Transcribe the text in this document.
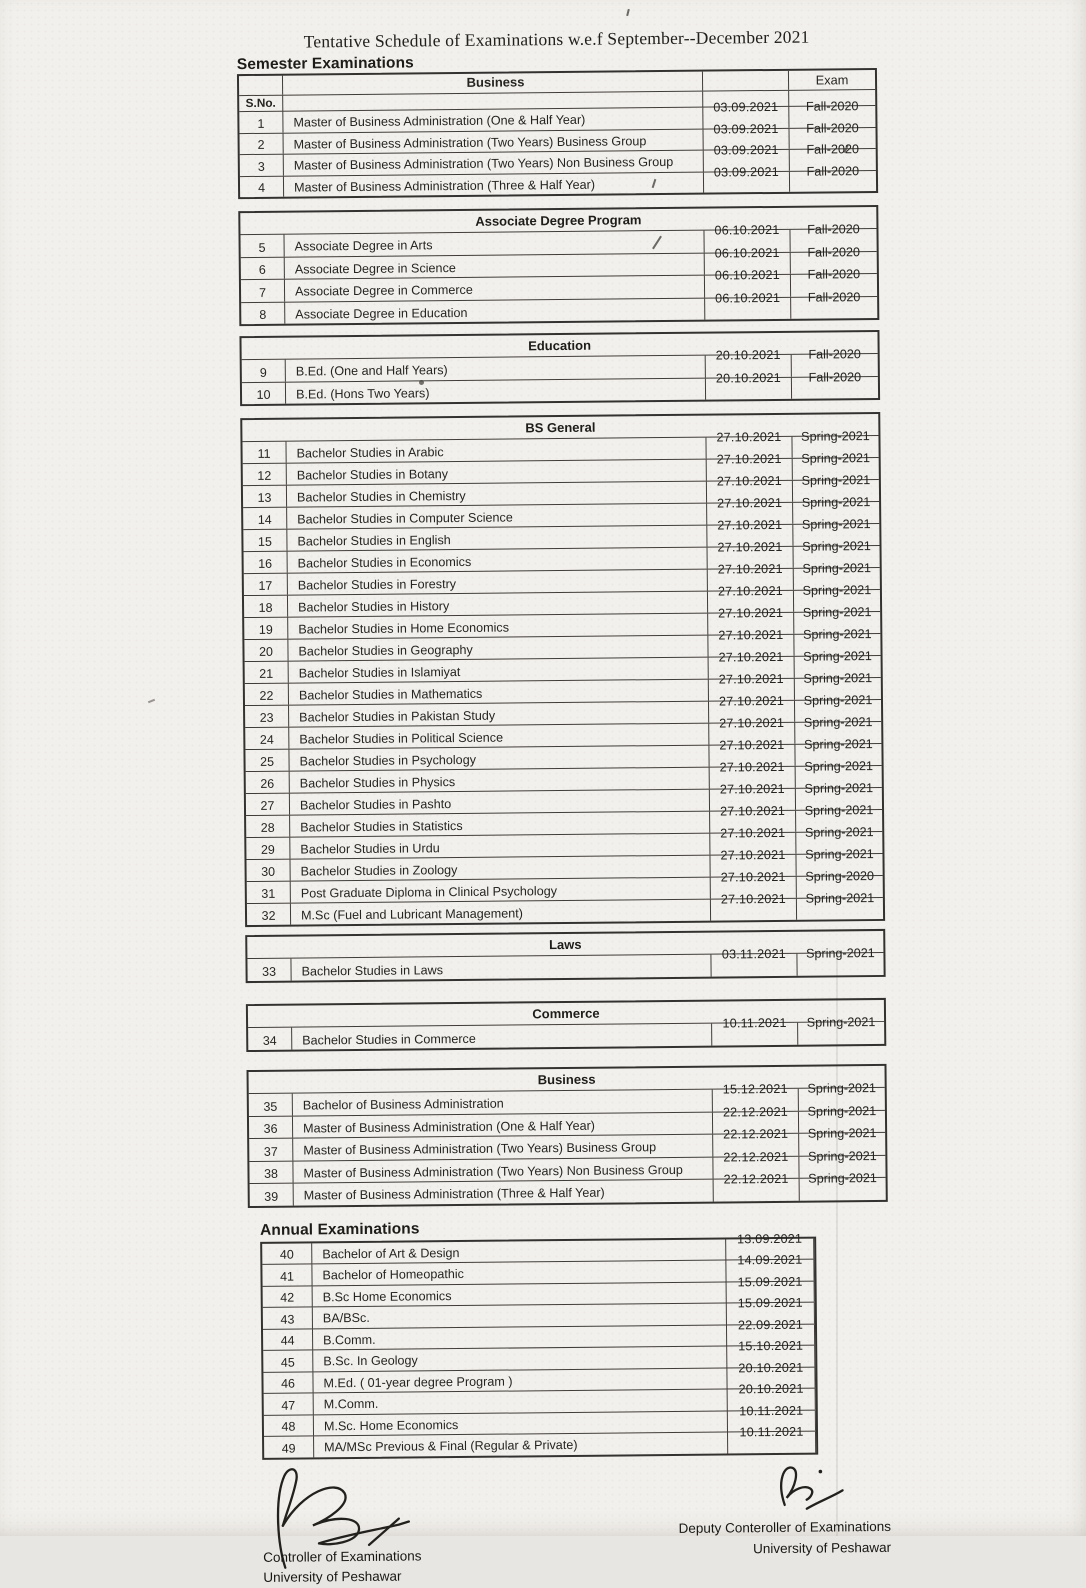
Tentative Schedule of Examinations w.e.f September--December 2021
Semester Examinations
Business	Exam
S.No.
1 Master of Business Administration (One & Half Year)
03.09.2021 Fall-2020
2 Master of Business Administration (Two Years) Business Group
03.09.2021 Fall-2020
3 Master of Business Administration (Two Years) Non Business Group
03.09.2021 Fall-2020
4 Master of Business Administration (Three & Half Year)
03.09.2021 Fall-2020
Associate Degree Program
5 Associate Degree in Arts
06.10.2021 Fall-2020
6 Associate Degree in Science
06.10.2021 Fall-2020
7 Associate Degree in Commerce
06.10.2021 Fall-2020
8 Associate Degree in Education
06.10.2021 Fall-2020
Education
9 B.Ed. (One and Half Years)
20.10.2021 Fall-2020
10 B.Ed. (Hons Two Years)
20.10.2021 Fall-2020
BS General
11 Bachelor Studies in Arabic
27.10.2021 Spring-2021
12 Bachelor Studies in Botany
27.10.2021 Spring-2021
13 Bachelor Studies in Chemistry
27.10.2021 Spring-2021
14 Bachelor Studies in Computer Science
27.10.2021 Spring-2021
15 Bachelor Studies in English
27.10.2021 Spring-2021
16 Bachelor Studies in Economics
27.10.2021 Spring-2021
17 Bachelor Studies in Forestry
27.10.2021 Spring-2021
18 Bachelor Studies in History
27.10.2021 Spring-2021
19 Bachelor Studies in Home Economics
27.10.2021 Spring-2021
20 Bachelor Studies in Geography
27.10.2021 Spring-2021
21 Bachelor Studies in Islamiyat
27.10.2021 Spring-2021
22 Bachelor Studies in Mathematics
27.10.2021 Spring-2021
23 Bachelor Studies in Pakistan Study
27.10.2021 Spring-2021
24 Bachelor Studies in Political Science
27.10.2021 Spring-2021
25 Bachelor Studies in Psychology
27.10.2021 Spring-2021
26 Bachelor Studies in Physics
27.10.2021 Spring-2021
27 Bachelor Studies in Pashto
27.10.2021 Spring-2021
28 Bachelor Studies in Statistics
27.10.2021 Spring-2021
29 Bachelor Studies in Urdu
27.10.2021 Spring-2021
30 Bachelor Studies in Zoology
27.10.2021 Spring-2021
31 Post Graduate Diploma in Clinical Psychology
27.10.2021 Spring-2020
32 M.Sc (Fuel and Lubricant Management)
27.10.2021 Spring-2021
Laws
33 Bachelor Studies in Laws
03.11.2021 Spring-2021
Commerce
34 Bachelor Studies in Commerce
10.11.2021 Spring-2021
Business
35 Bachelor of Business Administration
15.12.2021 Spring-2021
36 Master of Business Administration (One & Half Year)
22.12.2021 Spring-2021
37 Master of Business Administration (Two Years) Business Group
22.12.2021 Spring-2021
38 Master of Business Administration (Two Years) Non Business Group
22.12.2021 Spring-2021
39 Master of Business Administration (Three & Half Year)
22.12.2021 Spring-2021
Annual Examinations
40 Bachelor of Art & Design
13.09.2021
41 Bachelor of Homeopathic
14.09.2021
42 B.Sc Home Economics
15.09.2021
43 BA/BSc.
15.09.2021
44 B.Comm.
22.09.2021
45 B.Sc. In Geology
15.10.2021
46 M.Ed. ( 01-year degree Program )
20.10.2021
47 M.Comm.
20.10.2021
48 M.Sc. Home Economics
10.11.2021
49 MA/MSc Previous & Final (Regular & Private)
10.11.2021
Controller of Examinations
University of Peshawar
Deputy Conteroller of Examinations
University of Peshawar
